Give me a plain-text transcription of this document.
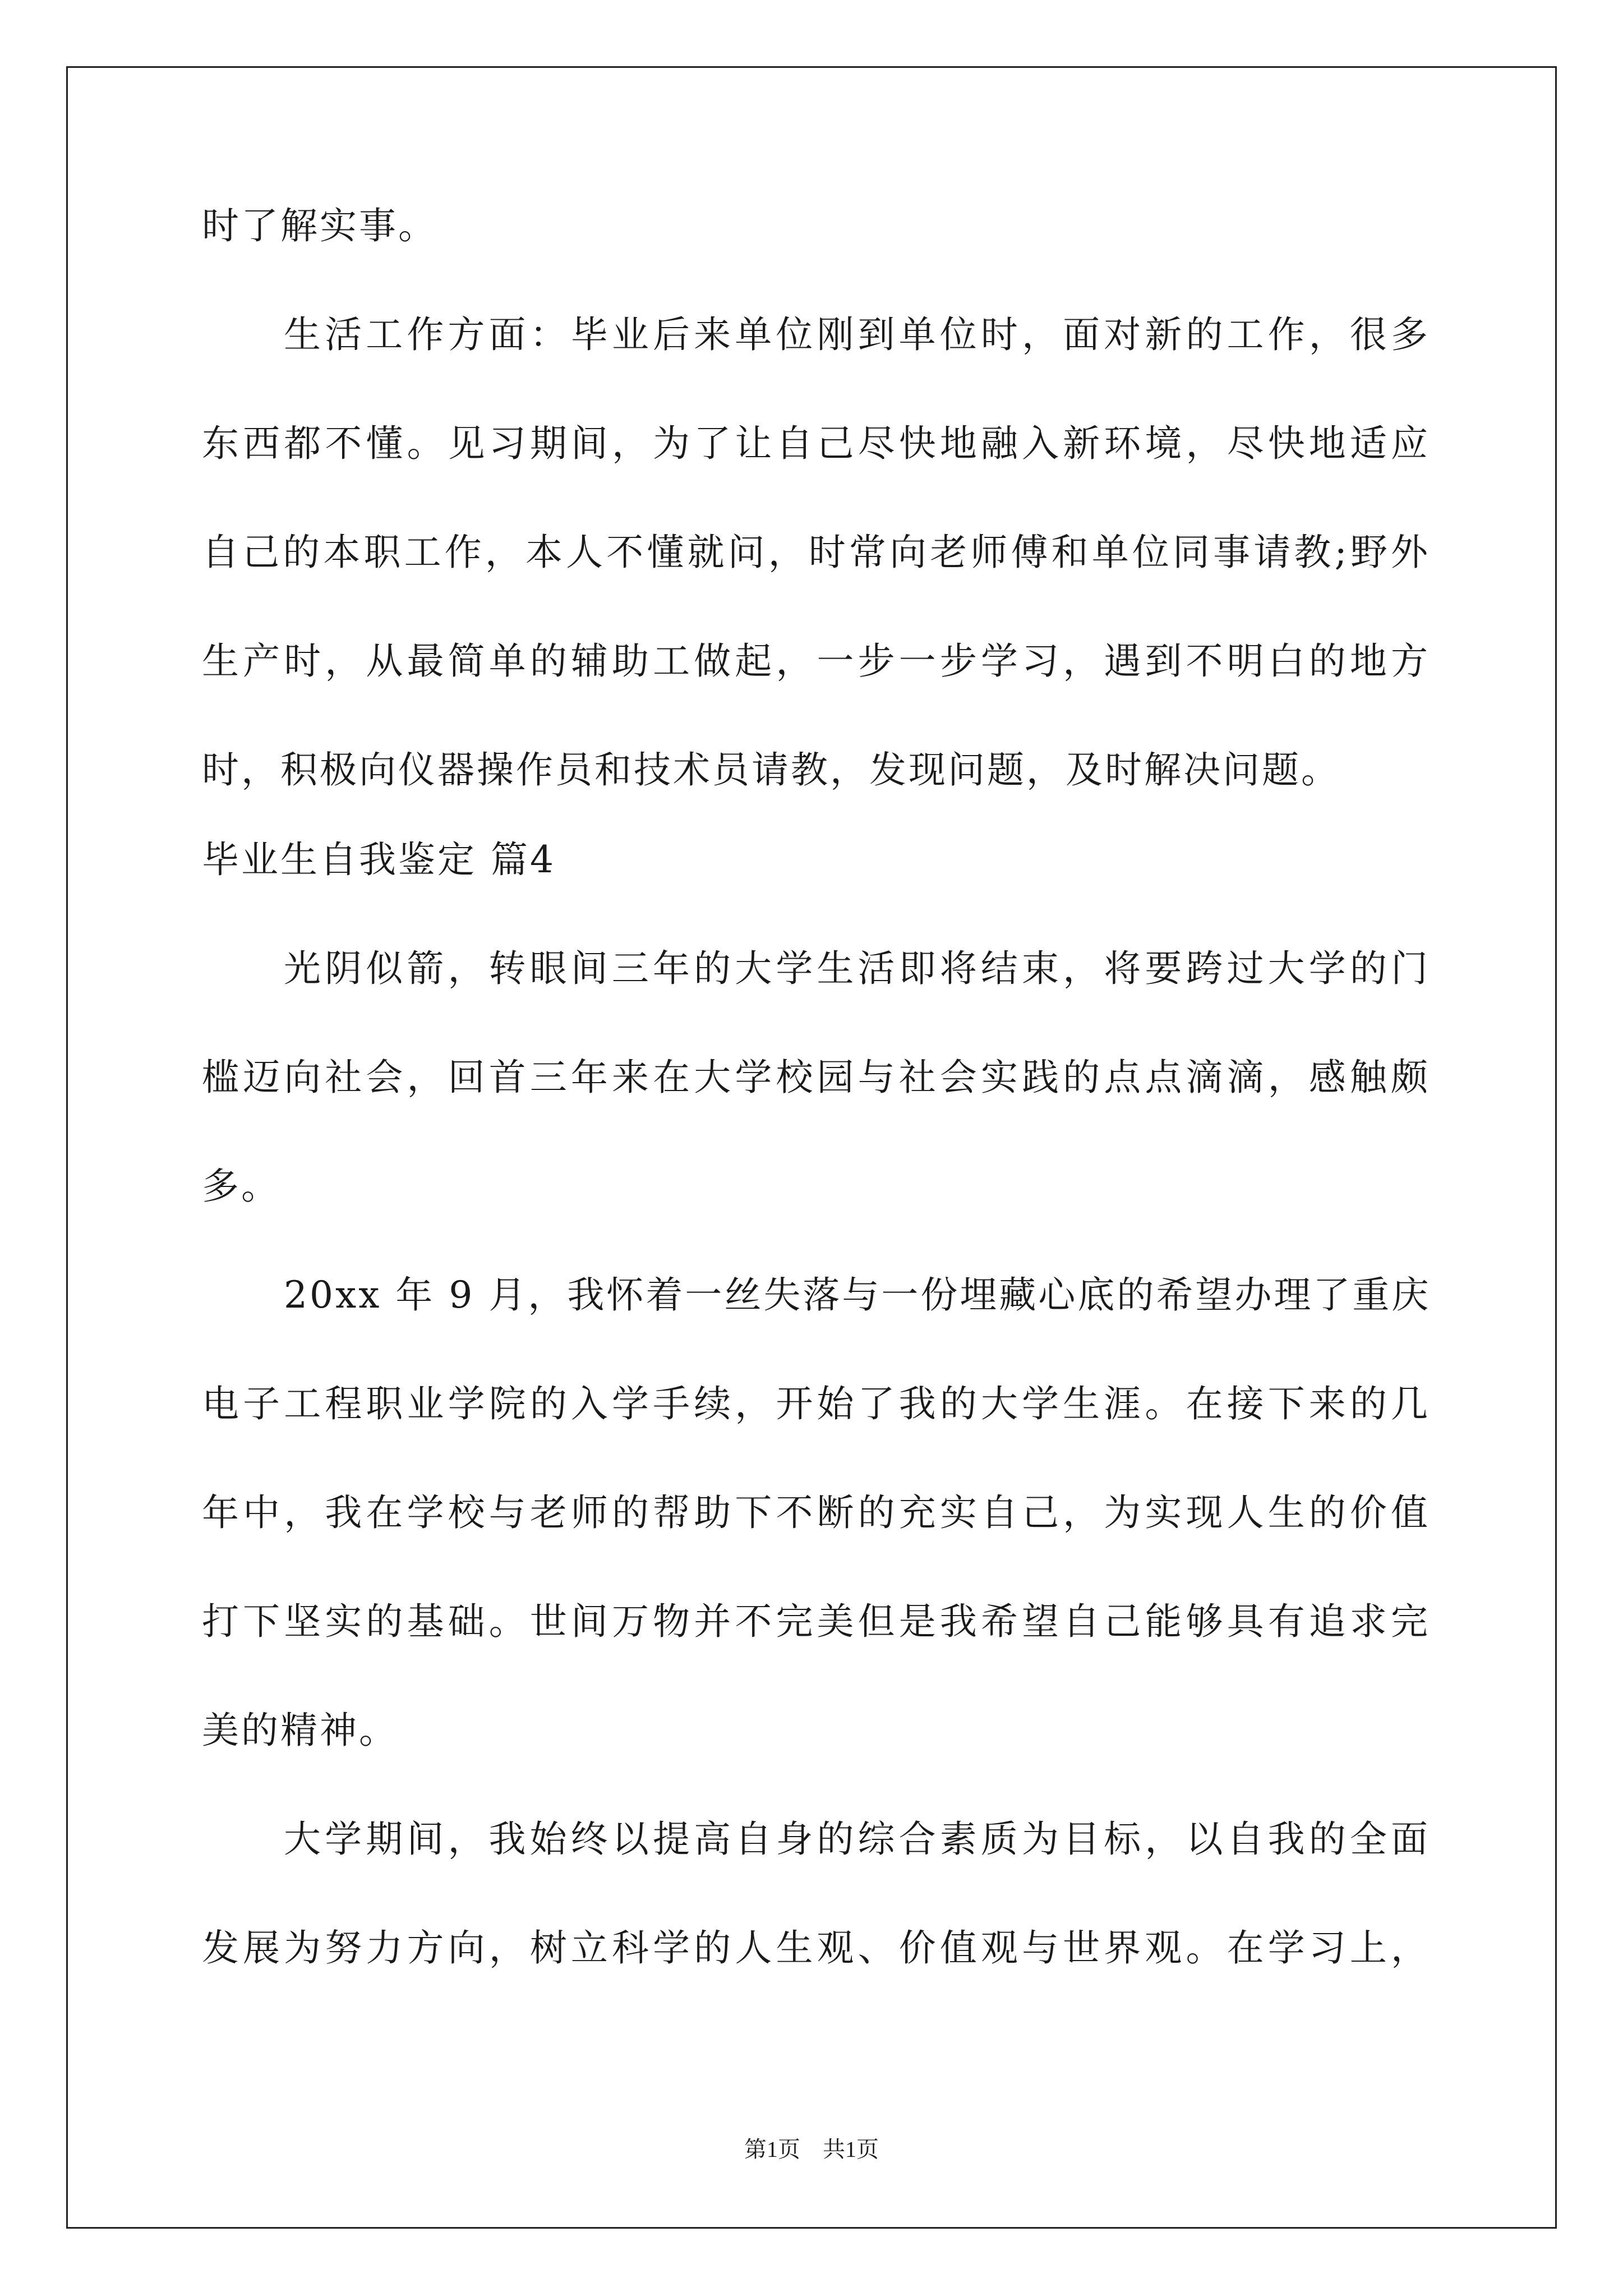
时了解实事。

生活工作方面：毕业后来单位刚到单位时，面对新的工作，很多

东西都不懂。见习期间，为了让自己尽快地融入新环境，尽快地适应

自己的本职工作，本人不懂就问，时常向老师傅和单位同事请教;野外

生产时，从最简单的辅助工做起，一步一步学习，遇到不明白的地方

时，积极向仪器操作员和技术员请教，发现问题，及时解决问题。

毕业生自我鉴定 篇4

光阴似箭，转眼间三年的大学生活即将结束，将要跨过大学的门

槛迈向社会，回首三年来在大学校园与社会实践的点点滴滴，感触颇

多。

20xx 年 9 月，我怀着一丝失落与一份埋藏心底的希望办理了重庆

电子工程职业学院的入学手续，开始了我的大学生涯。在接下来的几

年中，我在学校与老师的帮助下不断的充实自己，为实现人生的价值

打下坚实的基础。世间万物并不完美但是我希望自己能够具有追求完

美的精神。

大学期间，我始终以提高自身的综合素质为目标，以自我的全面

发展为努力方向，树立科学的人生观、价值观与世界观。在学习上，

第1页　共1页
